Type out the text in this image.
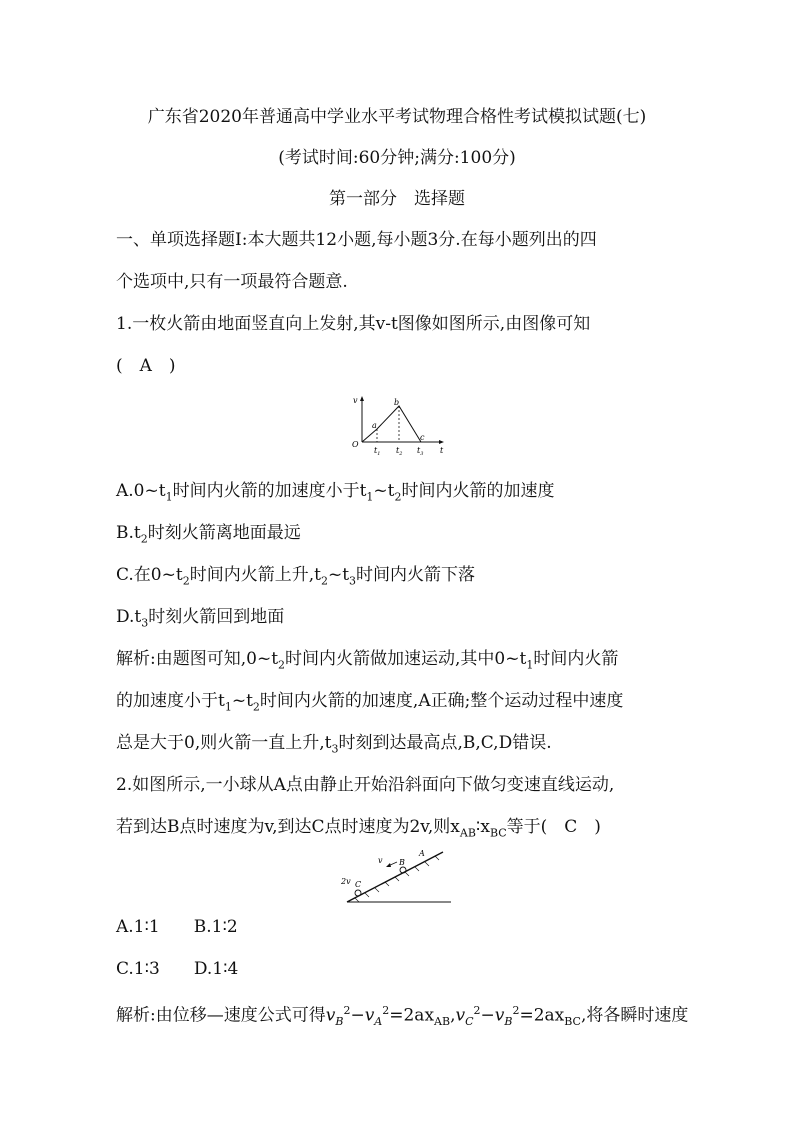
广东省2020年普通高中学业水平考试物理合格性考试模拟试题(七)
(考试时间:60分钟;满分:100分)
第一部分　选择题
一、单项选择题Ⅰ:本大题共12小题,每小题3分.在每小题列出的四
个选项中,只有一项最符合题意.
1.一枚火箭由地面竖直向上发射,其v-t图像如图所示,由图像可知
(　A　)
v
O
a
b
c
t
$t_1$ $t_2$ $t_3$
$A.0\sim t_1$时间内火箭的加速度小于$t_1\sim t_2$时间内火箭的加速度
$B.t_2$时刻火箭离地面最远
C.在$0\sim t_2$时间内火箭上升$,t_2\sim t_3$时间内火箭下落
$D.t_3$时刻火箭回到地面
解析:由题图可知$,0\sim t_2$时间内火箭做加速运动,其中$0\sim t_1$时间内火箭
的加速度小于$t_1\sim t_2$时间内火箭的加速度,A正确;整个运动过程中速度
总是大于0,则火箭一直上升$,t_3$时刻到达最高点,B,C,D错误.
2.如图所示,一小球从A点由静止开始沿斜面向下做匀变速直线运动,
若到达B点时速度为v,到达C点时速度为2v,则$x_{AB}∶x_{BC}$等于(　C　)
v
2v
A
B
C
A.1∶1　　B.1∶2
C.1∶3　　D.1∶4
解析:由位移—速度公式可得$v_B^2-v_A^2=2ax_{AB},v_C^2-v_B^2=2ax_{BC}$,将各瞬时速度
